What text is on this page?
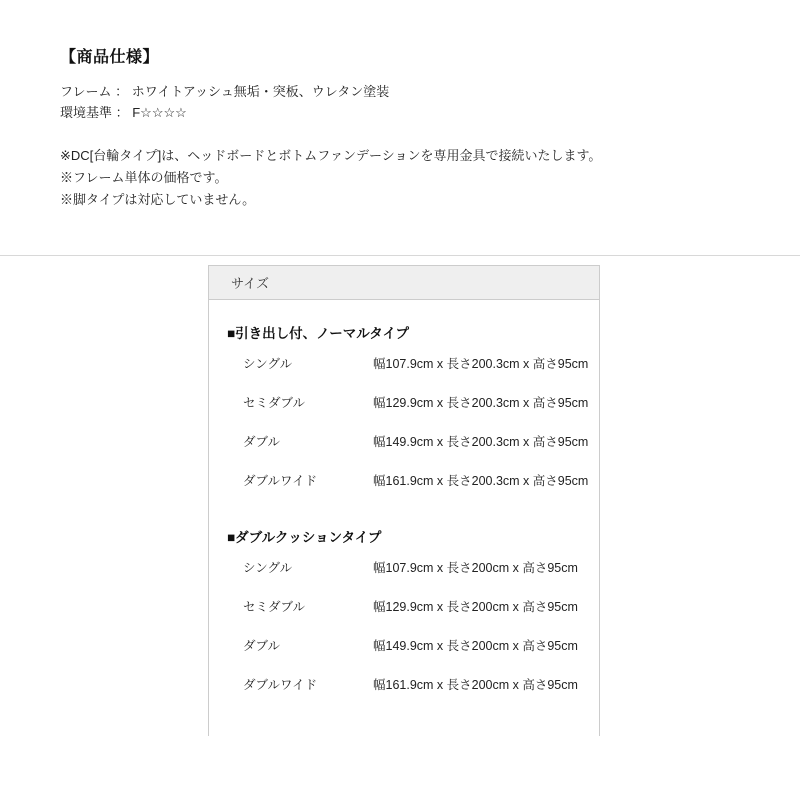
【商品仕様】
フレーム ： ホワイトアッシュ無垢・突板、ウレタン塗装
環境基準 ： F☆☆☆☆
※DC[台輪タイプ]は、ヘッドボードとボトムファンデーションを専用金具で接続いたします。
※フレーム単体の価格です。
※脚タイプは対応していません。
サイズ
■引き出し付、ノーマルタイプ
シングル	幅107.9cm x 長さ200.3cm x 高さ95cm
セミダブル	幅129.9cm x 長さ200.3cm x 高さ95cm
ダブル	幅149.9cm x 長さ200.3cm x 高さ95cm
ダブルワイド	幅161.9cm x 長さ200.3cm x 高さ95cm
■ダブルクッションタイプ
シングル	幅107.9cm x 長さ200cm x 高さ95cm
セミダブル	幅129.9cm x 長さ200cm x 高さ95cm
ダブル	幅149.9cm x 長さ200cm x 高さ95cm
ダブルワイド	幅161.9cm x 長さ200cm x 高さ95cm
